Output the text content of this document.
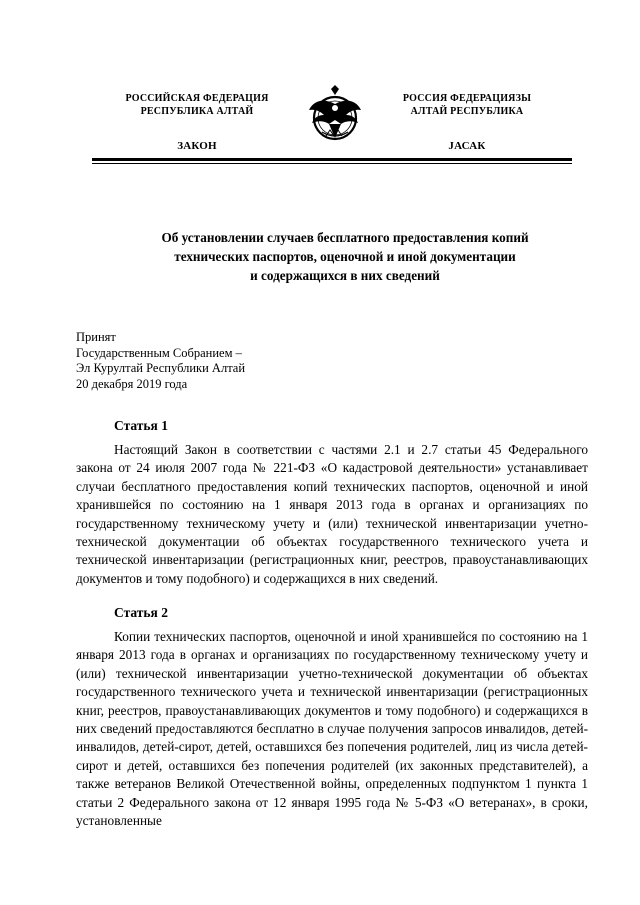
РОССИЙСКАЯ ФЕДЕРАЦИЯ
РЕСПУБЛИКА АЛТАЙ
ЗАКОН
РОССИЯ ФЕДЕРАЦИЯЗЫ
АЛТАЙ РЕСПУБЛИКА
JАСАК
Об установлении случаев бесплатного предоставления копий
технических паспортов, оценочной и иной документации
и содержащихся в них сведений
Принят
Государственным Собранием –
Эл Курултай Республики Алтай
20 декабря 2019 года
Статья 1

Настоящий Закон в соответствии с частями 2.1 и 2.7 статьи 45 Федерального закона от 24 июля 2007 года № 221-ФЗ «О кадастровой деятельности» устанавливает случаи бесплатного предоставления копий технических паспортов, оценочной и иной хранившейся по состоянию на 1 января 2013 года в органах и организациях по государственному техническому учету и (или) технической инвентаризации учетно-технической документации об объектах государственного технического учета и технической инвентаризации (регистрационных книг, реестров, правоустанавливающих документов и тому подобного) и содержащихся в них сведений.

Статья 2

Копии технических паспортов, оценочной и иной хранившейся по состоянию на 1 января 2013 года в органах и организациях по государственному техническому учету и (или) технической инвентаризации учетно-технической документации об объектах государственного технического учета и технической инвентаризации (регистрационных книг, реестров, правоустанавливающих документов и тому подобного) и содержащихся в них сведений предоставляются бесплатно в случае получения запросов инвалидов, детей-инвалидов, детей-сирот, детей, оставшихся без попечения родителей, лиц из числа детей-сирот и детей, оставшихся без попечения родителей (их законных представителей), а также ветеранов Великой Отечественной войны, определенных подпунктом 1 пункта 1 статьи 2 Федерального закона от 12 января 1995 года № 5-ФЗ «О ветеранах», в сроки, установленные
